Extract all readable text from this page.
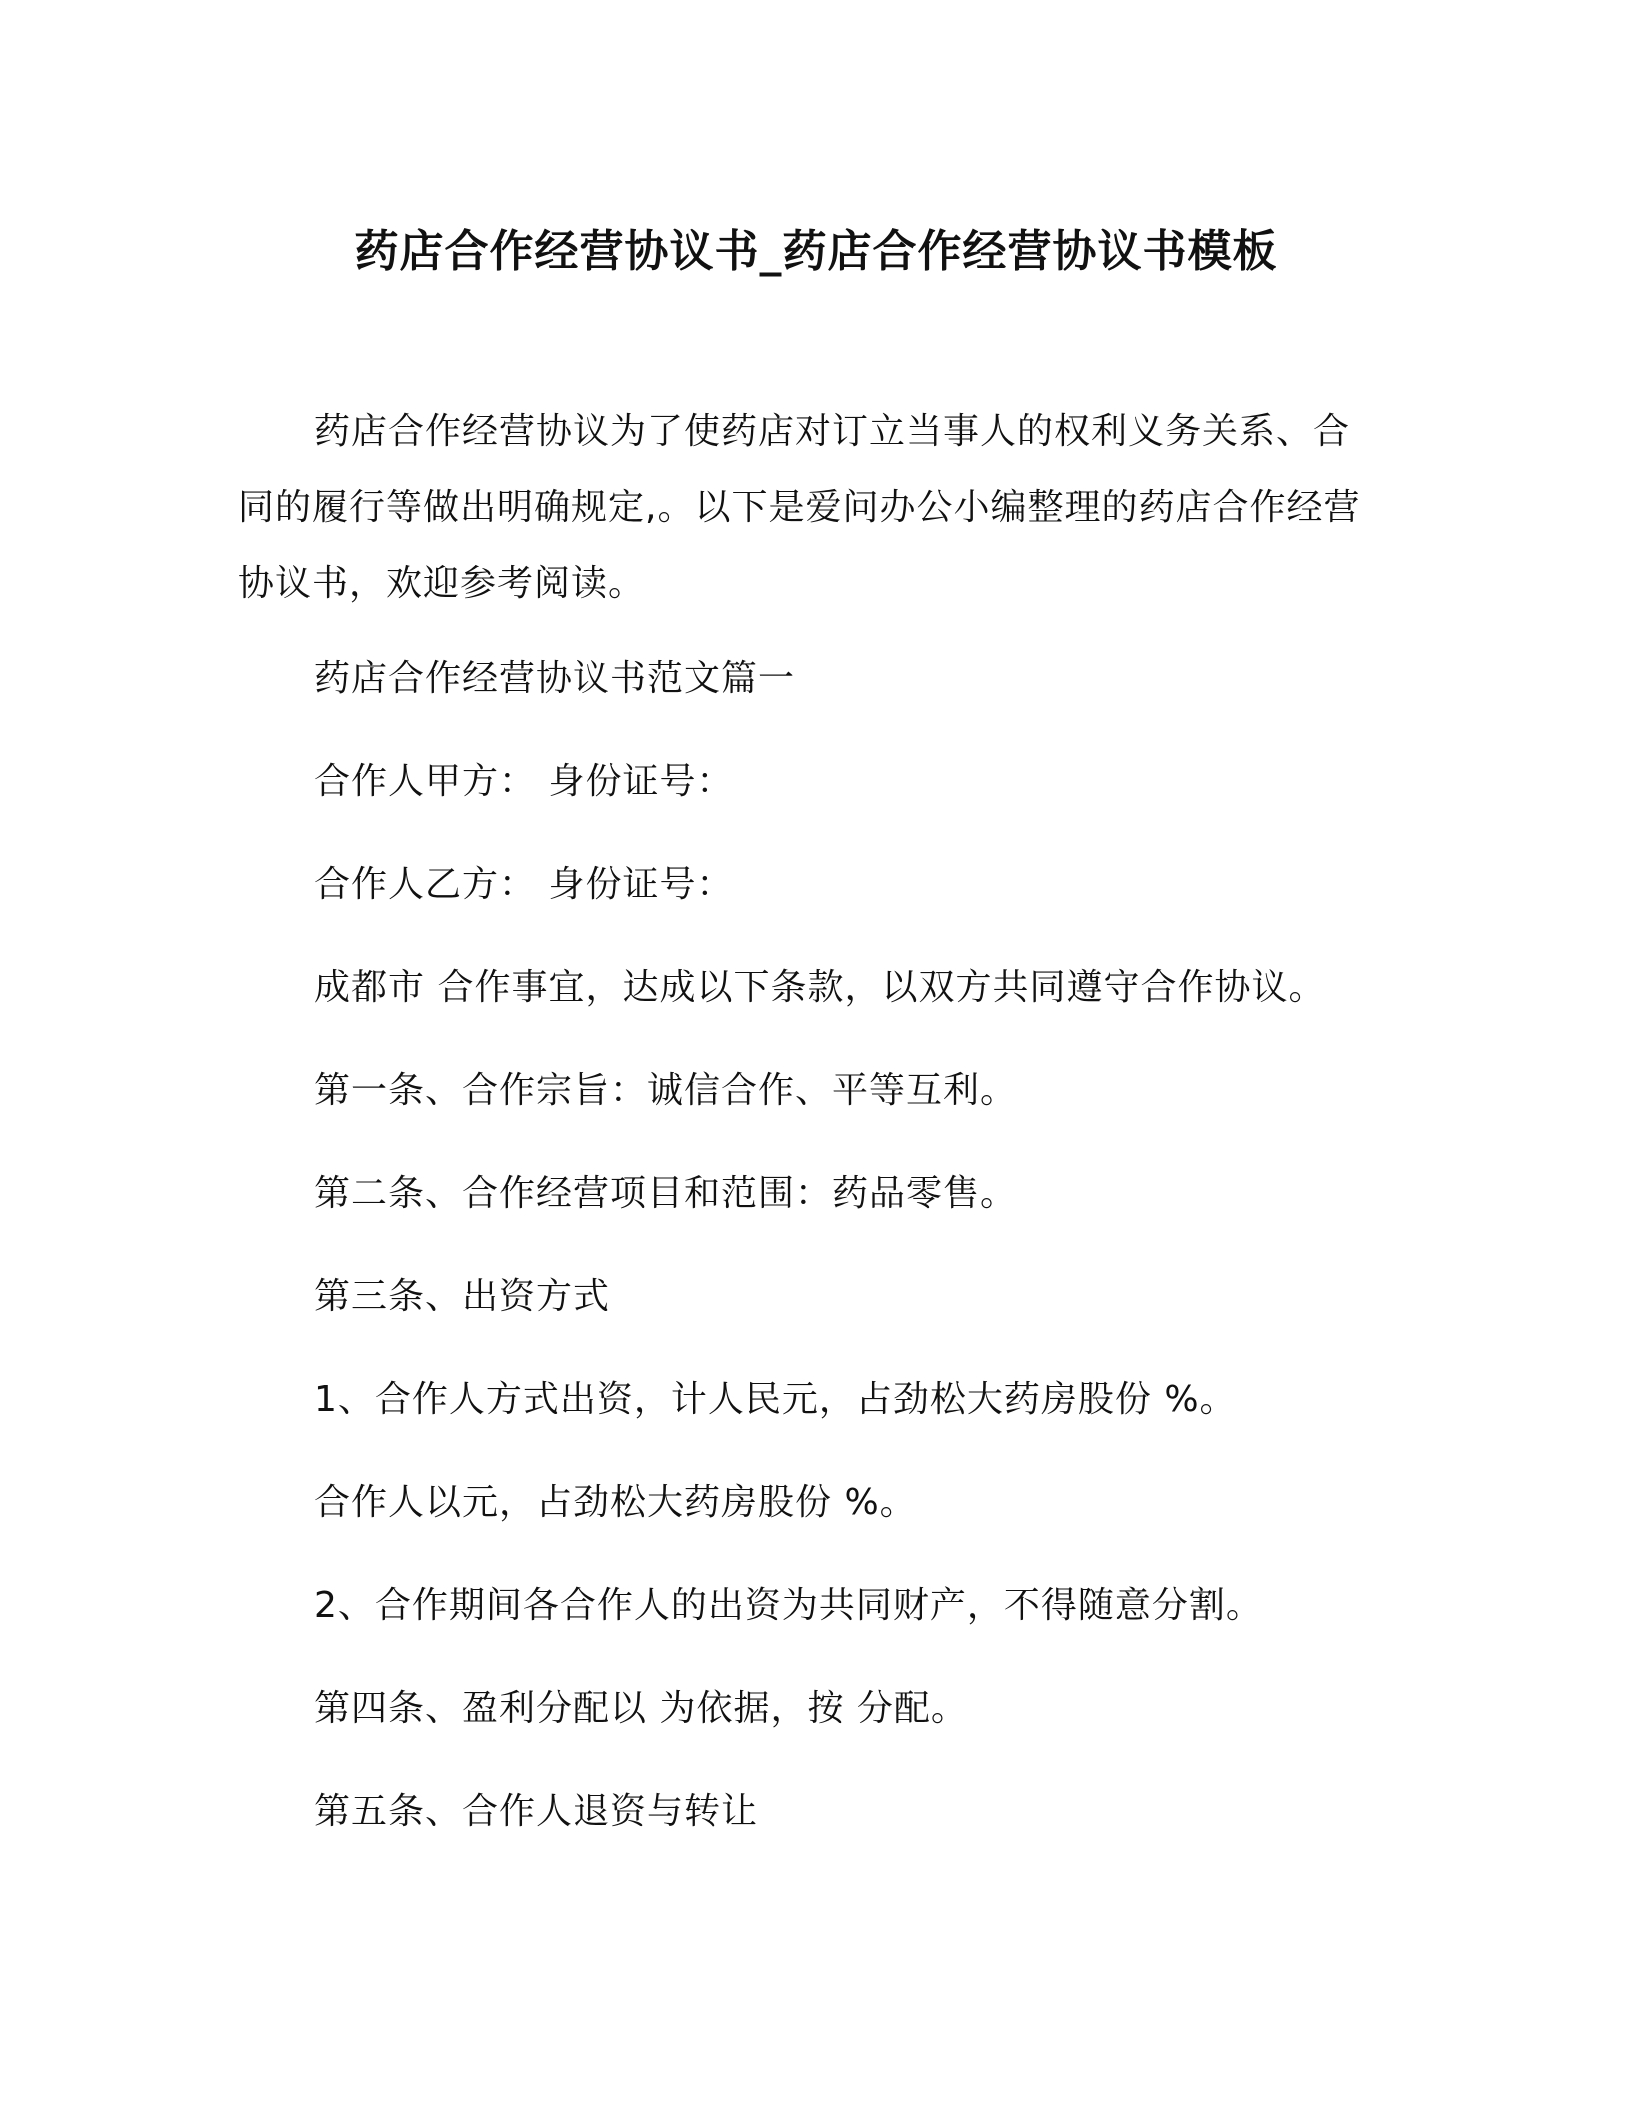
药店合作经营协议书_药店合作经营协议书模板

药店合作经营协议为了使药店对订立当事人的权利义务关系、合同的履行等做出明确规定,。以下是爱问办公小编整理的药店合作经营协议书，欢迎参考阅读。

药店合作经营协议书范文篇一

合作人甲方： 身份证号：

合作人乙方： 身份证号：

成都市 合作事宜，达成以下条款，以双方共同遵守合作协议。

第一条、合作宗旨：诚信合作、平等互利。

第二条、合作经营项目和范围：药品零售。

第三条、出资方式

1、合作人方式出资，计人民元，占劲松大药房股份 %。

合作人以元，占劲松大药房股份 %。

2、合作期间各合作人的出资为共同财产，不得随意分割。

第四条、盈利分配以 为依据，按 分配。

第五条、合作人退资与转让
